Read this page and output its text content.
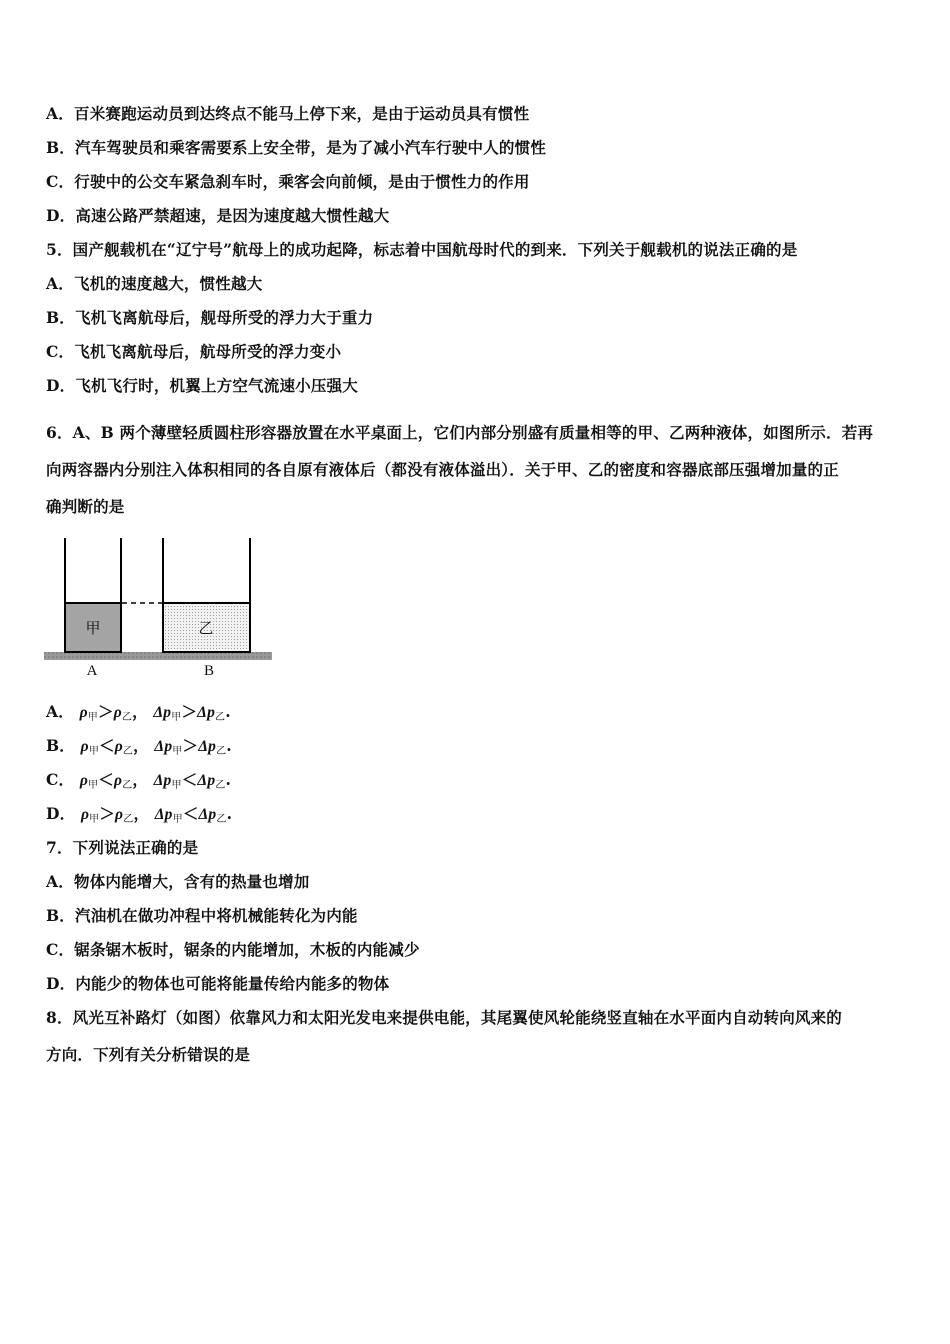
A．百米赛跑运动员到达终点不能马上停下来，是由于运动员具有惯性
B．汽车驾驶员和乘客需要系上安全带，是为了减小汽车行驶中人的惯性
C．行驶中的公交车紧急刹车时，乘客会向前倾，是由于惯性力的作用
D．高速公路严禁超速，是因为速度越大惯性越大
5．国产舰载机在“辽宁号”航母上的成功起降，标志着中国航母时代的到来．下列关于舰载机的说法正确的是
A．飞机的速度越大，惯性越大
B．飞机飞离航母后，舰母所受的浮力大于重力
C．飞机飞离航母后，航母所受的浮力变小
D．飞机飞行时，机翼上方空气流速小压强大
6．A、B 两个薄壁轻质圆柱形容器放置在水平桌面上，它们内部分别盛有质量相等的甲、乙两种液体，如图所示．若再
向两容器内分别注入体积相同的各自原有液体后（都没有液体溢出）．关于甲、乙的密度和容器底部压强增加量的正
确判断的是
甲	乙
A	B
A． $\rho_甲>\rho_乙$， $\Delta p_甲>\Delta p_乙$.
B． $\rho_甲<\rho_乙$， $\Delta p_甲>\Delta p_乙$.
C． $\rho_甲<\rho_乙$， $\Delta p_甲<\Delta p_乙$.
D． $\rho_甲>\rho_乙$， $\Delta p_甲<\Delta p_乙$.
7．下列说法正确的是
A．物体内能增大，含有的热量也增加
B．汽油机在做功冲程中将机械能转化为内能
C．锯条锯木板时，锯条的内能增加，木板的内能减少
D．内能少的物体也可能将能量传给内能多的物体
8．风光互补路灯（如图）依靠风力和太阳光发电来提供电能，其尾翼使风轮能绕竖直轴在水平面内自动转向风来的
方向．下列有关分析错误的是
